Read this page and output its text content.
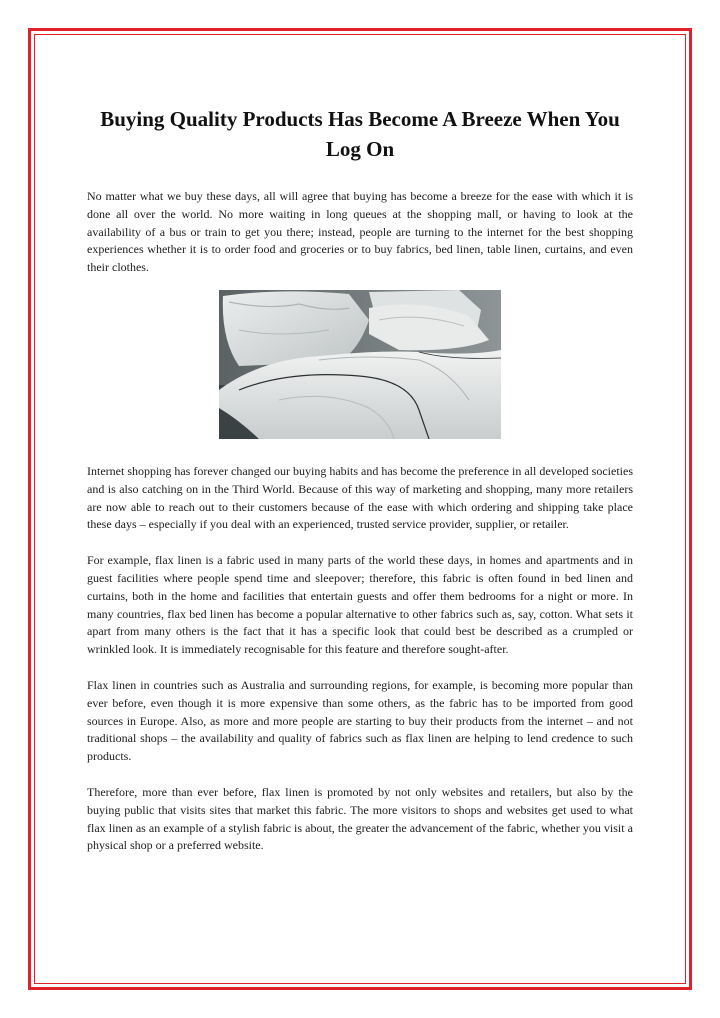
Buying Quality Products Has Become A Breeze When You Log On

No matter what we buy these days, all will agree that buying has become a breeze for the ease with which it is done all over the world. No more waiting in long queues at the shopping mall, or having to look at the availability of a bus or train to get you there; instead, people are turning to the internet for the best shopping experiences whether it is to order food and groceries or to buy fabrics, bed linen, table linen, curtains, and even their clothes.

Internet shopping has forever changed our buying habits and has become the preference in all developed societies and is also catching on in the Third World. Because of this way of marketing and shopping, many more retailers are now able to reach out to their customers because of the ease with which ordering and shipping take place these days – especially if you deal with an experienced, trusted service provider, supplier, or retailer.

For example, flax linen is a fabric used in many parts of the world these days, in homes and apartments and in guest facilities where people spend time and sleepover; therefore, this fabric is often found in bed linen and curtains, both in the home and facilities that entertain guests and offer them bedrooms for a night or more. In many countries, flax bed linen has become a popular alternative to other fabrics such as, say, cotton. What sets it apart from many others is the fact that it has a specific look that could best be described as a crumpled or wrinkled look. It is immediately recognisable for this feature and therefore sought-after.

Flax linen in countries such as Australia and surrounding regions, for example, is becoming more popular than ever before, even though it is more expensive than some others, as the fabric has to be imported from good sources in Europe. Also, as more and more people are starting to buy their products from the internet – and not traditional shops – the availability and quality of fabrics such as flax linen are helping to lend credence to such products.

Therefore, more than ever before, flax linen is promoted by not only websites and retailers, but also by the buying public that visits sites that market this fabric. The more visitors to shops and websites get used to what flax linen as an example of a stylish fabric is about, the greater the advancement of the fabric, whether you visit a physical shop or a preferred website.
